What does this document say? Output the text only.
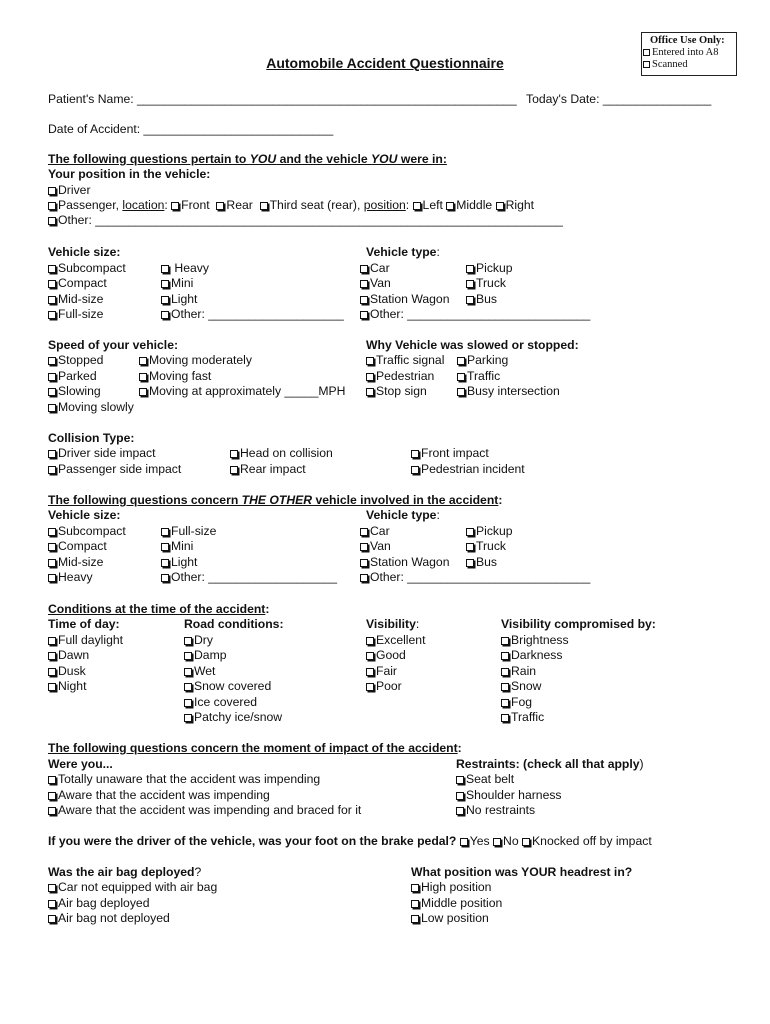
Office Use Only:
Entered into A8
Scanned
Automobile Accident Questionnaire
Patient's Name: ________________________________________________________ Today's Date: ________________
Date of Accident: ____________________________
The following questions pertain to YOU and the vehicle YOU were in:
Your position in the vehicle:
Driver
Passenger, location: Front Rear Third seat (rear), position: Left Middle Right
Other: _____________________________________________________________________
Vehicle size:
Subcompact
Compact
Mid-size
Full-size
Heavy
Mini
Light
Other: ____________________
Vehicle type:
Car
Van
Station Wagon
Other: ___________________________
Pickup
Truck
Bus
Speed of your vehicle:
Stopped
Parked
Slowing
Moving slowly
Moving moderately
Moving fast
Moving at approximately _____MPH
Why Vehicle was slowed or stopped:
Traffic signal
Pedestrian
Stop sign
Parking
Traffic
Busy intersection
Collision Type:
Driver side impact
Passenger side impact
Head on collision
Rear impact
Front impact
Pedestrian incident
The following questions concern THE OTHER vehicle involved in the accident:
Vehicle size:
Subcompact
Compact
Mid-size
Heavy
Full-size
Mini
Light
Other: ___________________
Vehicle type:
Car
Van
Station Wagon
Other: ___________________________
Pickup
Truck
Bus
Conditions at the time of the accident:
Time of day:
Full daylight
Dawn
Dusk
Night
Road conditions:
Dry
Damp
Wet
Snow covered
Ice covered
Patchy ice/snow
Visibility:
Excellent
Good
Fair
Poor
Visibility compromised by:
Brightness
Darkness
Rain
Snow
Fog
Traffic
The following questions concern the moment of impact of the accident:
Were you...
Totally unaware that the accident was impending
Aware that the accident was impending
Aware that the accident was impending and braced for it
Restraints: (check all that apply)
Seat belt
Shoulder harness
No restraints
If you were the driver of the vehicle, was your foot on the brake pedal? Yes No Knocked off by impact
Was the air bag deployed?
Car not equipped with air bag
Air bag deployed
Air bag not deployed
What position was YOUR headrest in?
High position
Middle position
Low position
